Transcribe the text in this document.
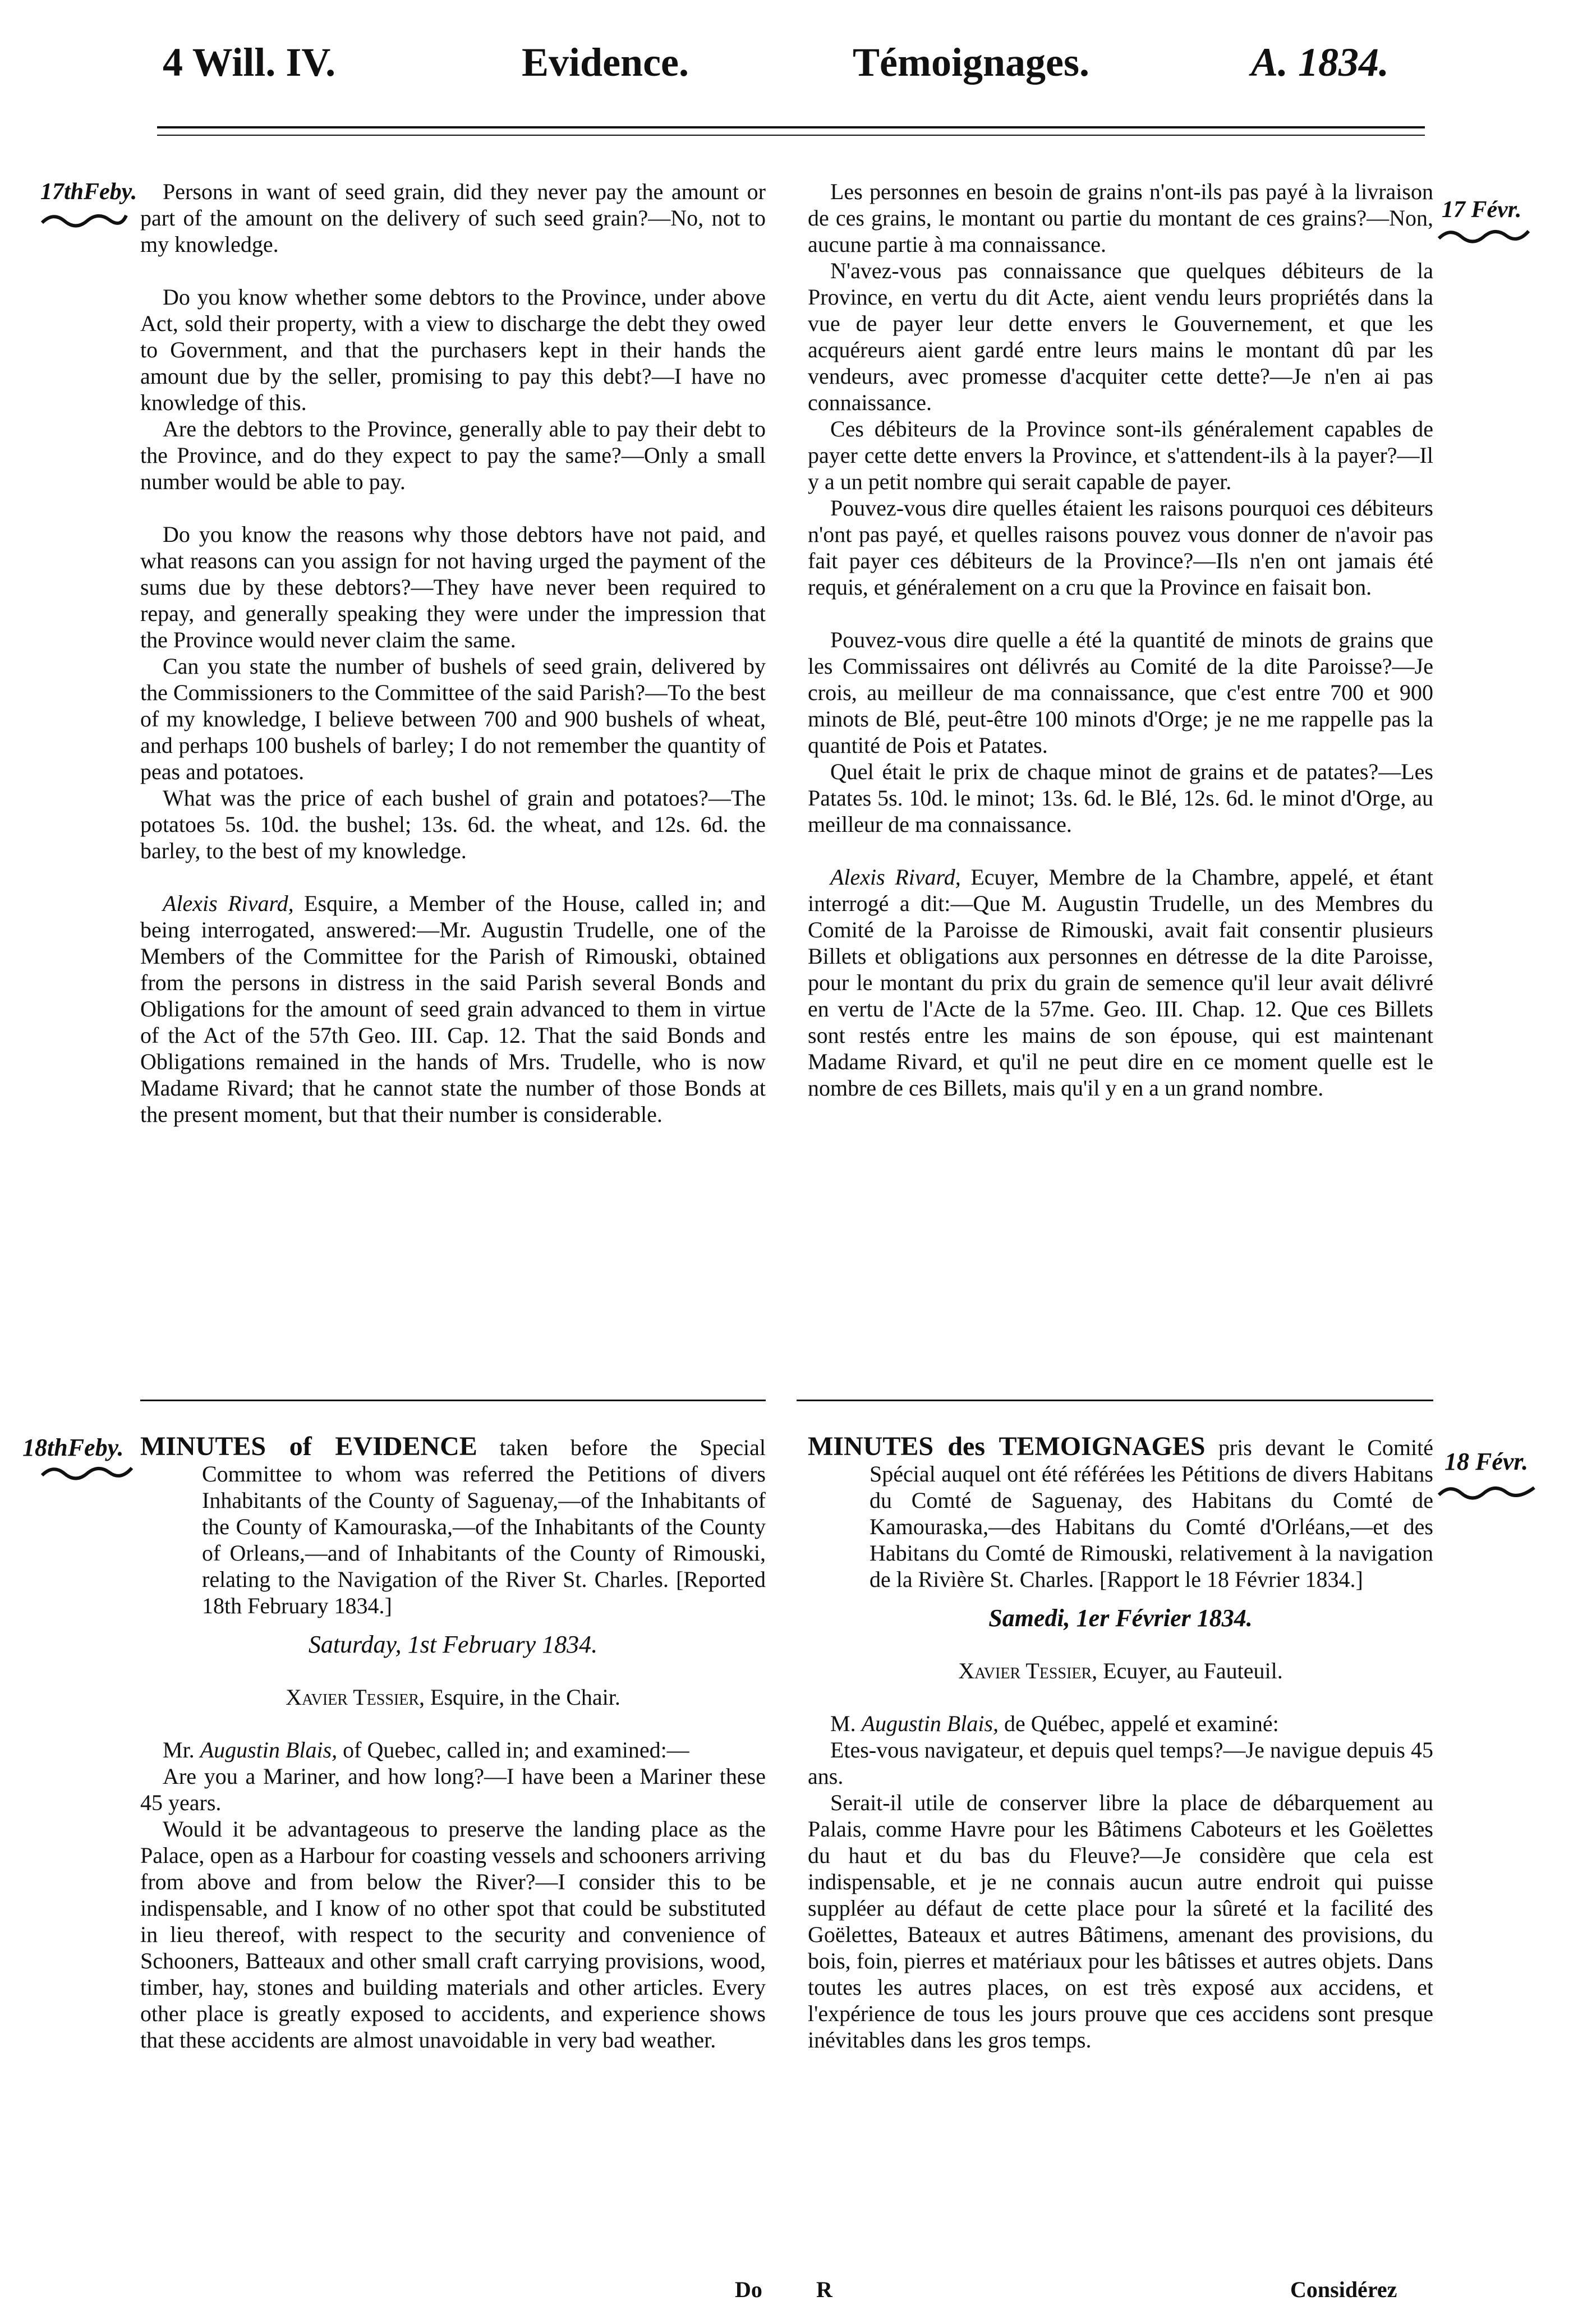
4 Will. IV.	Evidence.	Témoignages.	A. 1834.
17thFeby.
17 Févr.
18thFeby.
18 Févr.

Persons in want of seed grain, did they never pay the amount or part of the amount on the delivery of such seed grain?—No, not to my knowledge.

Do you know whether some debtors to the Province, under above Act, sold their property, with a view to discharge the debt they owed to Government, and that the purchasers kept in their hands the amount due by the seller, promising to pay this debt?—I have no knowledge of this.

Are the debtors to the Province, generally able to pay their debt to the Province, and do they expect to pay the same?—Only a small number would be able to pay.

Do you know the reasons why those debtors have not paid, and what reasons can you assign for not having urged the payment of the sums due by these debtors?—They have never been required to repay, and generally speaking they were under the impression that the Province would never claim the same.

Can you state the number of bushels of seed grain, delivered by the Commissioners to the Committee of the said Parish?—To the best of my knowledge, I believe between 700 and 900 bushels of wheat, and perhaps 100 bushels of barley; I do not remember the quantity of peas and potatoes.

What was the price of each bushel of grain and potatoes?—The potatoes 5s. 10d. the bushel; 13s. 6d. the wheat, and 12s. 6d. the barley, to the best of my knowledge.

Alexis Rivard, Esquire, a Member of the House, called in; and being interrogated, answered:—Mr. Augustin Trudelle, one of the Members of the Committee for the Parish of Rimouski, obtained from the persons in distress in the said Parish several Bonds and Obligations for the amount of seed grain advanced to them in virtue of the Act of the 57th Geo. III. Cap. 12. That the said Bonds and Obligations remained in the hands of Mrs. Trudelle, who is now Madame Rivard; that he cannot state the number of those Bonds at the present moment, but that their number is considerable.

Les personnes en besoin de grains n'ont-ils pas payé à la livraison de ces grains, le montant ou partie du montant de ces grains?—Non, aucune partie à ma connaissance.

N'avez-vous pas connaissance que quelques débiteurs de la Province, en vertu du dit Acte, aient vendu leurs propriétés dans la vue de payer leur dette envers le Gouvernement, et que les acquéreurs aient gardé entre leurs mains le montant dû par les vendeurs, avec promesse d'acquiter cette dette?—Je n'en ai pas connaissance.

Ces débiteurs de la Province sont-ils généralement capables de payer cette dette envers la Province, et s'attendent-ils à la payer?—Il y a un petit nombre qui serait capable de payer.

Pouvez-vous dire quelles étaient les raisons pourquoi ces débiteurs n'ont pas payé, et quelles raisons pouvez vous donner de n'avoir pas fait payer ces débiteurs de la Province?—Ils n'en ont jamais été requis, et généralement on a cru que la Province en faisait bon.

Pouvez-vous dire quelle a été la quantité de minots de grains que les Commissaires ont délivrés au Comité de la dite Paroisse?—Je crois, au meilleur de ma connaissance, que c'est entre 700 et 900 minots de Blé, peut-être 100 minots d'Orge; je ne me rappelle pas la quantité de Pois et Patates.

Quel était le prix de chaque minot de grains et de patates?—Les Patates 5s. 10d. le minot; 13s. 6d. le Blé, 12s. 6d. le minot d'Orge, au meilleur de ma connaissance.

Alexis Rivard, Ecuyer, Membre de la Chambre, appelé, et étant interrogé a dit:—Que M. Augustin Trudelle, un des Membres du Comité de la Paroisse de Rimouski, avait fait consentir plusieurs Billets et obligations aux personnes en détresse de la dite Paroisse, pour le montant du prix du grain de semence qu'il leur avait délivré en vertu de l'Acte de la 57me. Geo. III. Chap. 12. Que ces Billets sont restés entre les mains de son épouse, qui est maintenant Madame Rivard, et qu'il ne peut dire en ce moment quelle est le nombre de ces Billets, mais qu'il y en a un grand nombre.

MINUTES of EVIDENCE taken before the Special Committee to whom was referred the Petitions of divers Inhabitants of the County of Saguenay,—of the Inhabitants of the County of Kamouraska,—of the Inhabitants of the County of Orleans,—and of Inhabitants of the County of Rimouski, relating to the Navigation of the River St. Charles. [Reported 18th February 1834.]

Saturday, 1st February 1834.

Xavier Tessier, Esquire, in the Chair.

Mr. Augustin Blais, of Quebec, called in; and examined:—

Are you a Mariner, and how long?—I have been a Mariner these 45 years.

Would it be advantageous to preserve the landing place as the Palace, open as a Harbour for coasting vessels and schooners arriving from above and from below the River?—I consider this to be indispensable, and I know of no other spot that could be substituted in lieu thereof, with respect to the security and convenience of Schooners, Batteaux and other small craft carrying provisions, wood, timber, hay, stones and building materials and other articles. Every other place is greatly exposed to accidents, and experience shows that these accidents are almost unavoidable in very bad weather.

Do

MINUTES des TEMOIGNAGES pris devant le Comité Spécial auquel ont été référées les Pétitions de divers Habitans du Comté de Saguenay, des Habitans du Comté de Kamouraska,—des Habitans du Comté d'Orléans,—et des Habitans du Comté de Rimouski, relativement à la navigation de la Rivière St. Charles. [Rapport le 18 Février 1834.]

Samedi, 1er Février 1834.

Xavier Tessier, Ecuyer, au Fauteuil.

M. Augustin Blais, de Québec, appelé et examiné:

Etes-vous navigateur, et depuis quel temps?—Je navigue depuis 45 ans.

Serait-il utile de conserver libre la place de débarquement au Palais, comme Havre pour les Bâtimens Caboteurs et les Goëlettes du haut et du bas du Fleuve?—Je considère que cela est indispensable, et je ne connais aucun autre endroit qui puisse suppléer au défaut de cette place pour la sûreté et la facilité des Goëlettes, Bateaux et autres Bâtimens, amenant des provisions, du bois, foin, pierres et matériaux pour les bâtisses et autres objets. Dans toutes les autres places, on est très exposé aux accidens, et l'expérience de tous les jours prouve que ces accidens sont presque inévitables dans les gros temps.

R	Considérez
